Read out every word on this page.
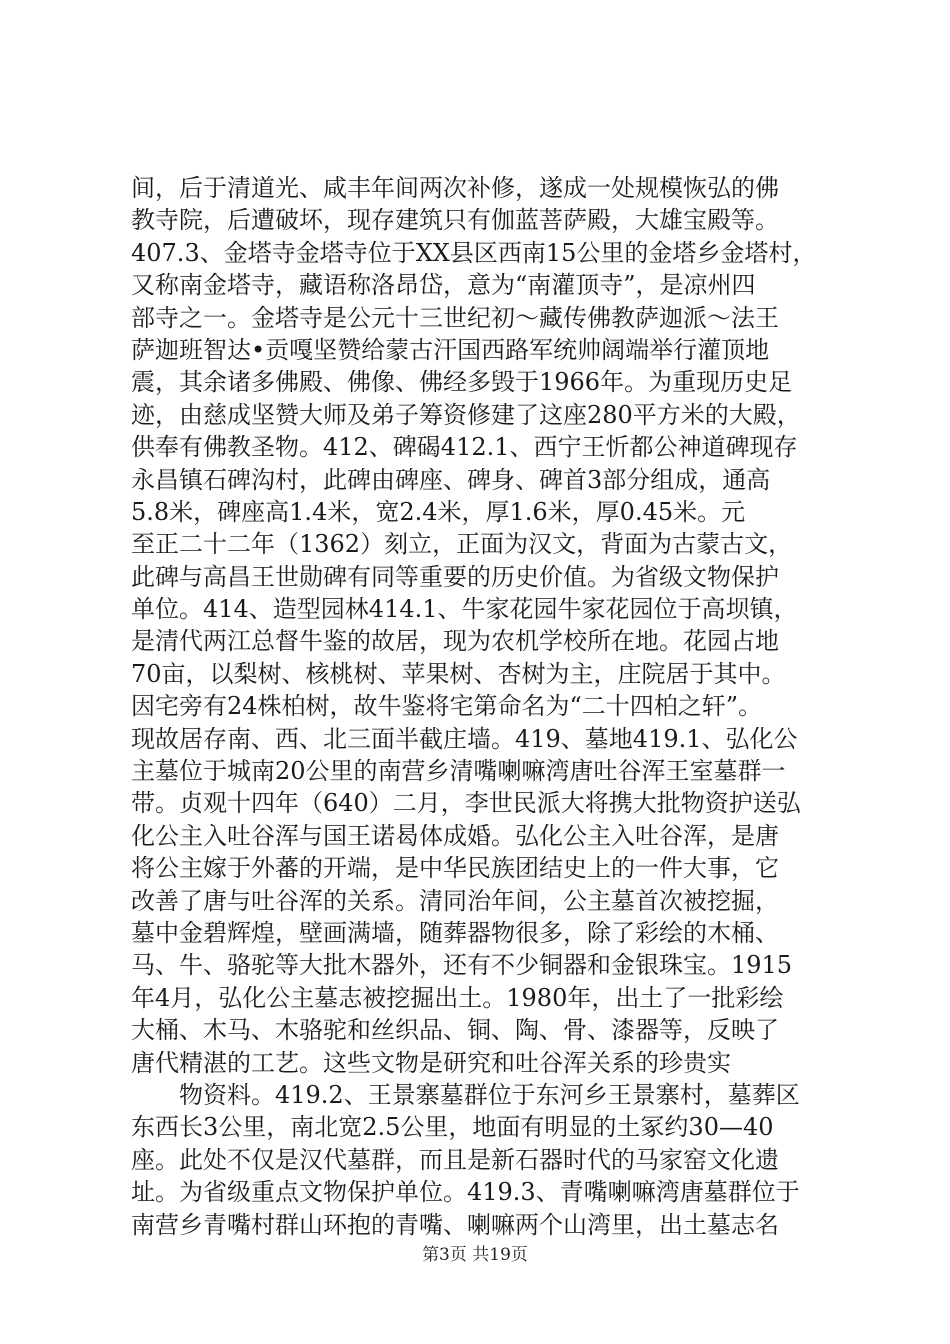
间，后于清道光、咸丰年间两次补修，遂成一处规模恢弘的佛
教寺院，后遭破坏，现存建筑只有伽蓝菩萨殿，大雄宝殿等。
407.3、金塔寺金塔寺位于XX县区西南15公里的金塔乡金塔村，
又称南金塔寺，藏语称洛昂岱，意为“南灌顶寺”，是凉州四
部寺之一。金塔寺是公元十三世纪初～藏传佛教萨迦派～法王
萨迦班智达•贡嘎坚赞给蒙古汗国西路军统帅阔端举行灌顶地
震，其余诸多佛殿、佛像、佛经多毁于1966年。为重现历史足
迹，由慈成坚赞大师及弟子筹资修建了这座280平方米的大殿，
供奉有佛教圣物。412、碑碣412.1、西宁王忻都公神道碑现存
永昌镇石碑沟村，此碑由碑座、碑身、碑首3部分组成，通高
5.8米，碑座高1.4米，宽2.4米，厚1.6米，厚0.45米。元
至正二十二年（1362）刻立，正面为汉文，背面为古蒙古文，
此碑与高昌王世勋碑有同等重要的历史价值。为省级文物保护
单位。414、造型园林414.1、牛家花园牛家花园位于高坝镇，
是清代两江总督牛鉴的故居，现为农机学校所在地。花园占地
70亩，以梨树、核桃树、苹果树、杏树为主，庄院居于其中。
因宅旁有24株柏树，故牛鉴将宅第命名为“二十四柏之轩”。
现故居存南、西、北三面半截庄墙。419、墓地419.1、弘化公
主墓位于城南20公里的南营乡清嘴喇嘛湾唐吐谷浑王室墓群一
带。贞观十四年（640）二月，李世民派大将携大批物资护送弘
化公主入吐谷浑与国王诺曷体成婚。弘化公主入吐谷浑，是唐
将公主嫁于外蕃的开端，是中华民族团结史上的一件大事，它
改善了唐与吐谷浑的关系。清同治年间，公主墓首次被挖掘，
墓中金碧辉煌，壁画满墙，随葬器物很多，除了彩绘的木桶、
马、牛、骆驼等大批木器外，还有不少铜器和金银珠宝。1915
年4月，弘化公主墓志被挖掘出土。1980年，出土了一批彩绘
大桶、木马、木骆驼和丝织品、铜、陶、骨、漆器等，反映了
唐代精湛的工艺。这些文物是研究和吐谷浑关系的珍贵实
物资料。419.2、王景寨墓群位于东河乡王景寨村，墓葬区
东西长3公里，南北宽2.5公里，地面有明显的土冢约30—40
座。此处不仅是汉代墓群，而且是新石器时代的马家窑文化遗
址。为省级重点文物保护单位。419.3、青嘴喇嘛湾唐墓群位于
南营乡青嘴村群山环抱的青嘴、喇嘛两个山湾里，出土墓志名
第3页 共19页
